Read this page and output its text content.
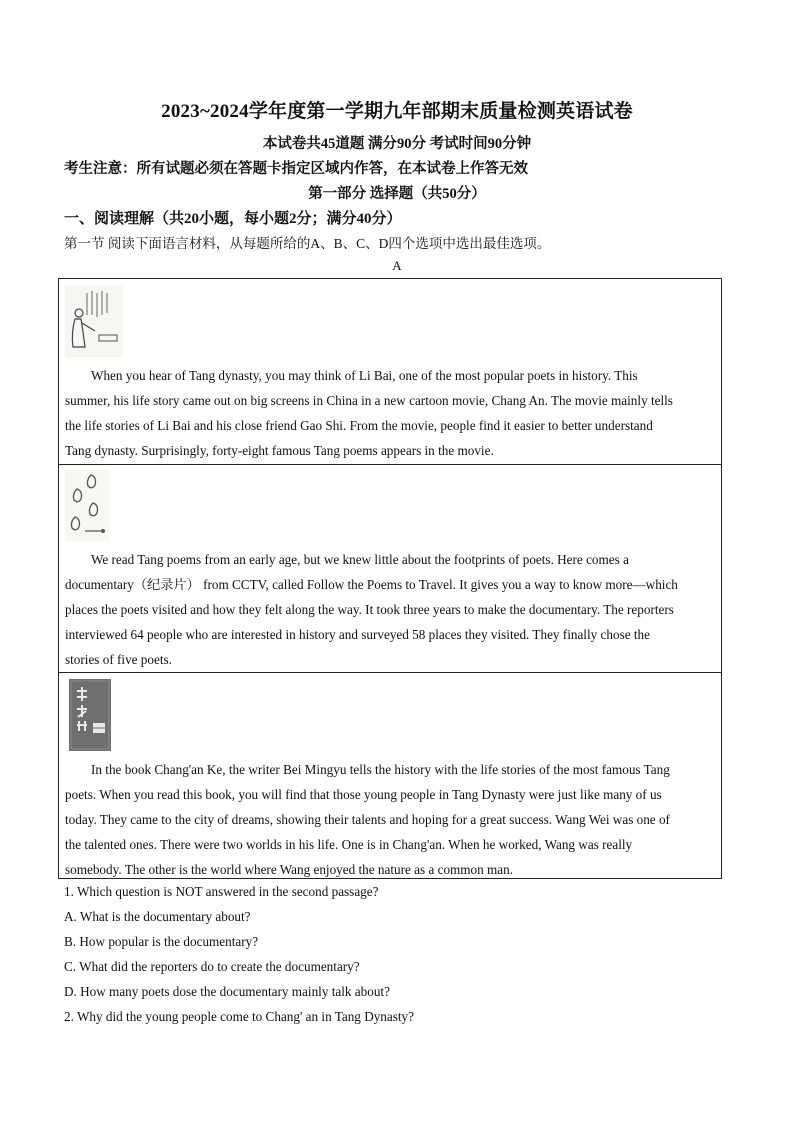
2023~2024学年度第一学期九年部期末质量检测英语试卷
本试卷共45道题 满分90分 考试时间90分钟
考生注意：所有试题必须在答题卡指定区域内作答，在本试卷上作答无效
第一部分 选择题（共50分）
一、阅读理解（共20小题，每小题2分；满分40分）
第一节 阅读下面语言材料，从每题所给的A、B、C、D四个选项中选出最佳选项。
A
When you hear of Tang dynasty, you may think of Li Bai, one of the most popular poets in history. This
summer, his life story came out on big screens in China in a new cartoon movie, Chang An. The movie mainly tells
the life stories of Li Bai and his close friend Gao Shi. From the movie, people find it easier to better understand
Tang dynasty. Surprisingly, forty-eight famous Tang poems appears in the movie.
We read Tang poems from an early age, but we knew little about the footprints of poets. Here comes a
documentary（纪录片） from CCTV, called Follow the Poems to Travel. It gives you a way to know more—which
places the poets visited and how they felt along the way. It took three years to make the documentary. The reporters
interviewed 64 people who are interested in history and surveyed 58 places they visited. They finally chose the
stories of five poets.
In the book Chang'an Ke, the writer Bei Mingyu tells the history with the life stories of the most famous Tang
poets. When you read this book, you will find that those young people in Tang Dynasty were just like many of us
today. They came to the city of dreams, showing their talents and hoping for a great success. Wang Wei was one of
the talented ones. There were two worlds in his life. One is in Chang'an. When he worked, Wang was really
somebody. The other is the world where Wang enjoyed the nature as a common man.
1. Which question is NOT answered in the second passage?
A. What is the documentary about?
B. How popular is the documentary?
C. What did the reporters do to create the documentary?
D. How many poets dose the documentary mainly talk about?
2. Why did the young people come to Chang' an in Tang Dynasty?
